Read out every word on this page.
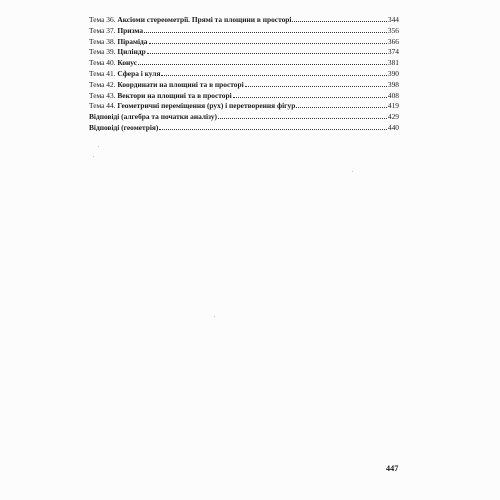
Тема 36. Аксіоми стереометрії. Прямі та площини в просторі	344
Тема 37. Призма	356
Тема 38. Піраміда	366
Тема 39. Циліндр	374
Тема 40. Конус	381
Тема 41. Сфера і куля	390
Тема 42. Координати на площині та в просторі	398
Тема 43. Вектори на площині та в просторі	408
Тема 44. Геометричні переміщення (рух) і перетворення фігур	419
Відповіді (алгебра та початки аналізу)	429
Відповіді (геометрія)	440
447
